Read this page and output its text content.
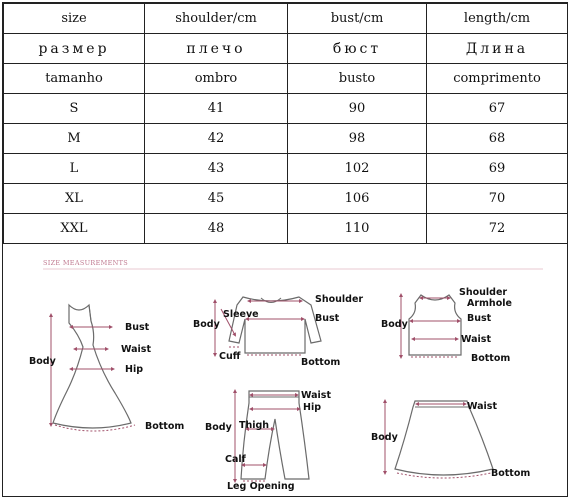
size	shoulder/cm	bust/cm	length/cm
размер	плечо	бюст	Длина
tamanho	ombro	busto	comprimento
S	41	90	67
M	42	98	68
L	43	102	69
XL	45	106	70
XXL	48	110	72
SIZE MEASUREMENTS
Bust
Waist
Hip
Body
Bottom
Sleeve
Shoulder
Bust
Body
Cuff
Bottom
Shoulder
Armhole
Bust
Body
Waist
Bottom
Waist
Hip
Body Thigh
Calf
Leg Opening
Waist
Body
Bottom
